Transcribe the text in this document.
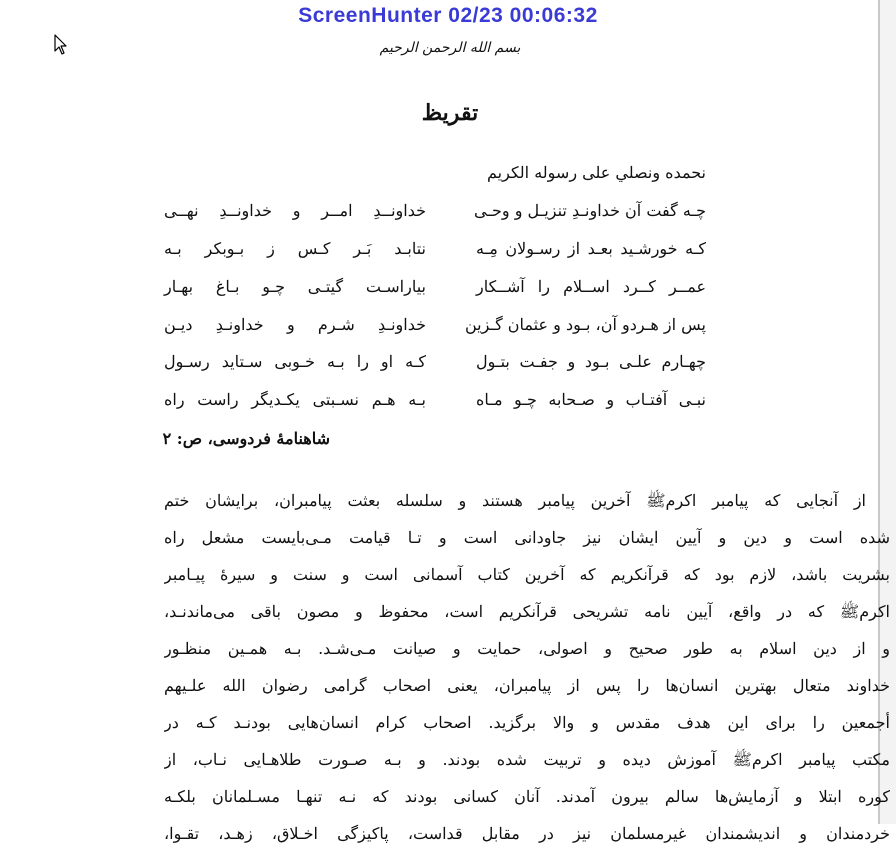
ScreenHunter 02/23 00:06:32
بسم الله الرحمن الرحیم
تقریظ
نحمده ونصلي علی رسوله الکریم
چـه گفت آن خداونـدِ تنزیـل و وحـی
خداونــدِ امــر و خداونــدِ نهــی
کـه خورشـید بعـد از رسـولان مِـه
نتابـد بَـر کـس ز بـوبکر بـه
عمــر کــرد اســلام را آشــکار
بیاراسـت گیتـی چـو بـاغ بهـار
پس از هـردو آن، بـود و عثمان گـزین
خداونـدِ شـرم و خداونـدِ دیـن
چهـارم علـی بـود و جفـت بتـول
کـه او را بـه خـوبی سـتاید رسـول
نبـی آفتـاب و صـحابه چـو مـاه
بـه هـم نسـبتی یکـدیگر راست راه
شاهنامۀ فردوسی، ص: ۲
از آنجایی که پیامبر اکرمﷺ آخرین پیامبر هستند و سلسله بعثت پیامبران، برایشان ختم
شده است و دین و آیین ایشان نیز جاودانی است و تـا قیامت مـی‌بایست مشعل راه
بشریت باشد، لازم بود که قرآنکریم که آخرین کتاب آسمانی است و سنت و سیرۀ پیـامبر
اکرمﷺ که در واقع، آیین نامه تشریحی قرآنکریم است، محفوظ و مصون باقی می‌ماندنـد،
و از دین اسلام به طور صحیح و اصولی، حمایت و صیانت مـی‌شـد. بـه همـین منظـور
خداوند متعال بهترین انسان‌ها را پس از پیامبران، یعنی اصحاب گرامی رضوان الله علـیهم
أجمعین را برای این هدف مقدس و والا برگزید. اصحاب کرام انسان‌هایی بودنـد کـه در
مکتب پیامبر اکرمﷺ آموزش دیده و تربیت شده بودند. و بـه صـورت طلاهـایی نـاب، از
کوره ابتلا و آزمایش‌ها سالم بیرون آمدند. آنان کسانی بودند که نـه تنهـا مسـلمانان بلکـه
خردمندان و اندیشمندان غیرمسلمان نیز در مقابل قداست، پاکیزگی اخـلاق، زهـد، تقـوا،
